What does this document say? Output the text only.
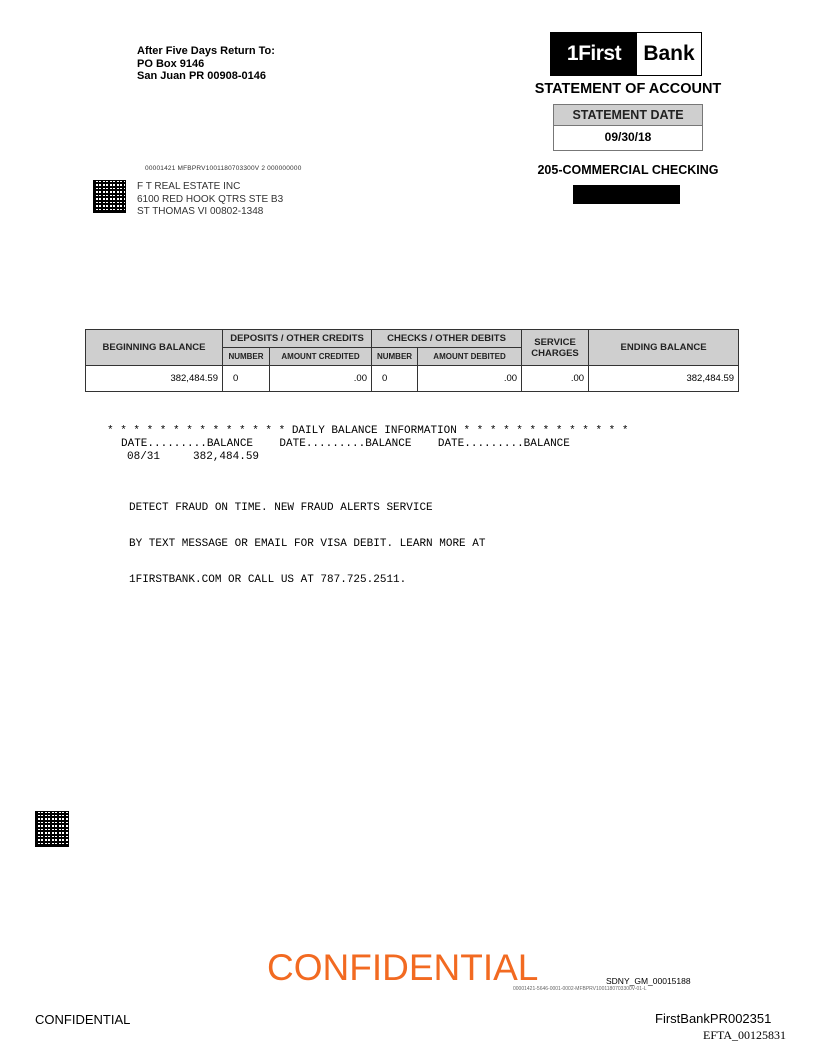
After Five Days Return To:
PO Box 9146
San Juan PR 00908-0146
1First	Bank
STATEMENT OF ACCOUNT
STATEMENT DATE
09/30/18
205-COMMERCIAL CHECKING
00001421 MFBPRV1001180703300V 2 000000000
F T REAL ESTATE INC
6100 RED HOOK QTRS STE B3
ST THOMAS VI 00802-1348
BEGINNING BALANCE	DEPOSITS / OTHER CREDITS		CHECKS / OTHER DEBITS		SERVICE CHARGES	ENDING BALANCE
	NUMBER	AMOUNT CREDITED	NUMBER	AMOUNT DEBITED		
382,484.59	0	.00	0	.00	.00	382,484.59
* * * * * * * * * * * * * * DAILY BALANCE INFORMATION * * * * * * * * * * * * *
DATE.........BALANCE    DATE.........BALANCE    DATE.........BALANCE
08/31     382,484.59

DETECT FRAUD ON TIME. NEW FRAUD ALERTS SERVICE

BY TEXT MESSAGE OR EMAIL FOR VISA DEBIT. LEARN MORE AT

1FIRSTBANK.COM OR CALL US AT 787.725.2511.

CONFIDENTIAL	SDNY_GM_00015188
00001421-5646-0001-0002-MFBPRV1001180703300V-01-L
CONFIDENTIAL	FirstBankPR002351
EFTA_00125831
